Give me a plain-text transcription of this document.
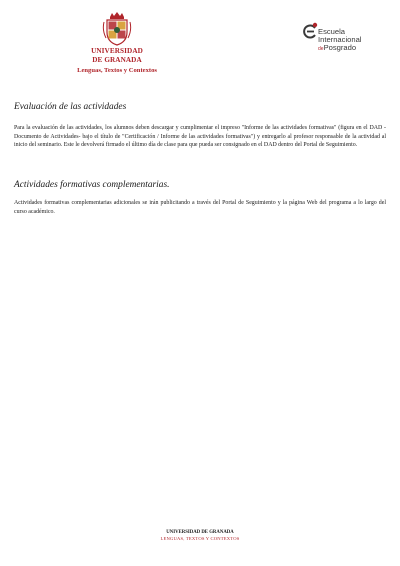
UNIVERSIDAD
DE GRANADA
Lenguas, Textos y Contextos
Escuela
Internacional
dePosgrado
Evaluación de las actividades

Para la evaluación de las actividades, los alumnos deben descargar y cumplimentar el impreso "Informe de las actividades formativas" (figura en el DAD -Documento de Actividades- bajo el título de "Certificación / Informe de las actividades formativas") y entregarlo al profesor responsable de la actividad al inicio del seminario. Este le devolverá firmado el último día de clase para que pueda ser consignado en el DAD dentro del Portal de Seguimiento.

Actividades formativas complementarias.

Actividades formativas complementarias adicionales se irán publicitando a través del Portal de Seguimiento y la página Web del programa a lo largo del curso académico.

UNIVERSIDAD DE GRANADA
LENGUAS, TEXTOS Y CONTEXTOS
